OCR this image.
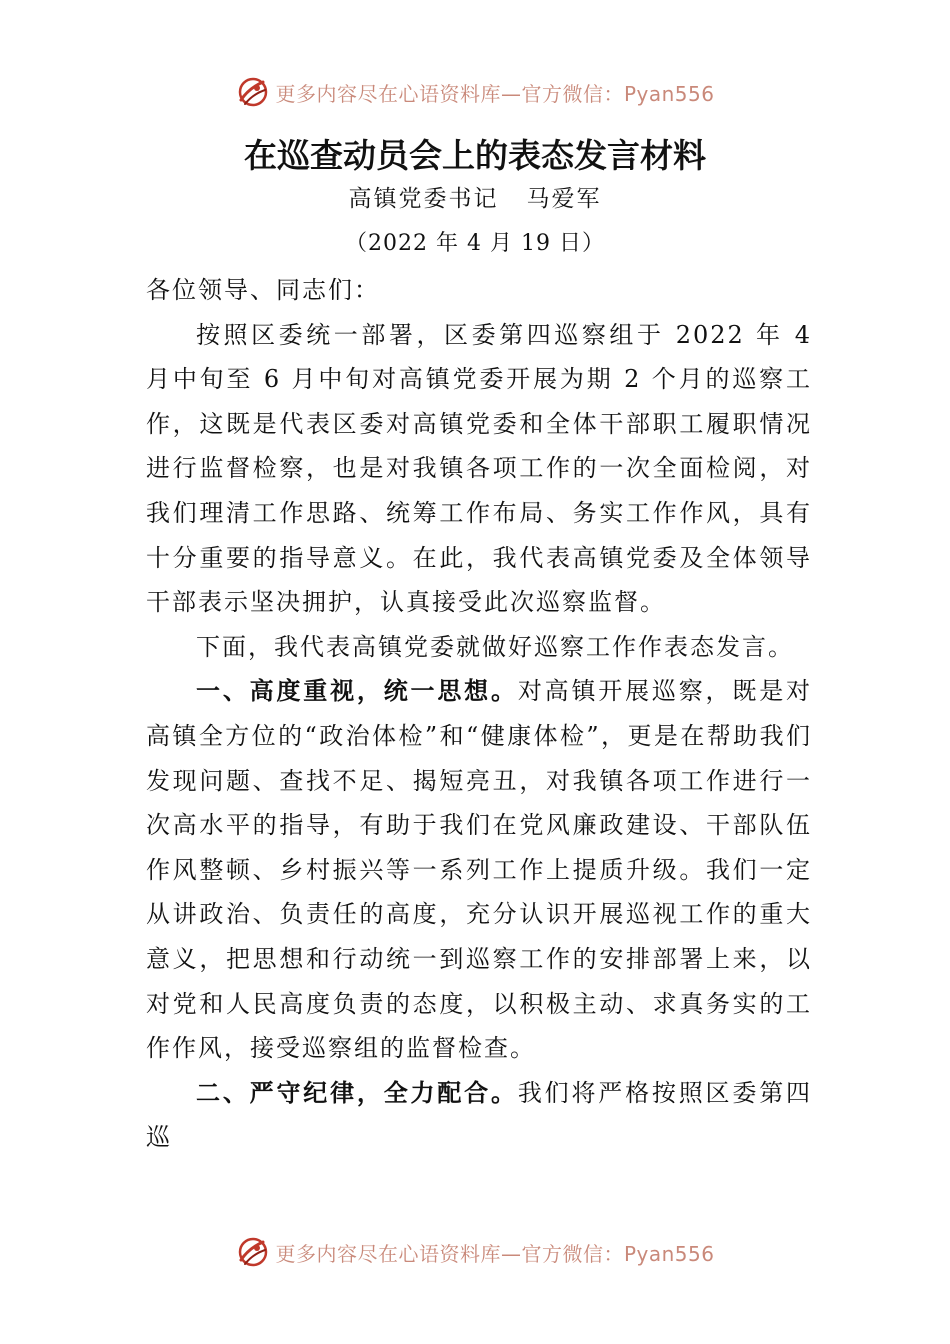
更多内容尽在心语资料库—官方微信：Pyan556
在巡查动员会上的表态发言材料
高镇党委书记   马爱军
（2022 年 4 月 19 日）

各位领导、同志们：

按照区委统一部署，区委第四巡察组于 2022 年 4 月中旬至 6 月中旬对高镇党委开展为期 2 个月的巡察工作，这既是代表区委对高镇党委和全体干部职工履职情况进行监督检察，也是对我镇各项工作的一次全面检阅，对我们理清工作思路、统筹工作布局、务实工作作风，具有十分重要的指导意义。在此，我代表高镇党委及全体领导干部表示坚决拥护，认真接受此次巡察监督。

下面，我代表高镇党委就做好巡察工作作表态发言。

一、高度重视，统一思想。对高镇开展巡察，既是对高镇全方位的“政治体检”和“健康体检”，更是在帮助我们发现问题、查找不足、揭短亮丑，对我镇各项工作进行一次高水平的指导，有助于我们在党风廉政建设、干部队伍作风整顿、乡村振兴等一系列工作上提质升级。我们一定从讲政治、负责任的高度，充分认识开展巡视工作的重大意义，把思想和行动统一到巡察工作的安排部署上来，以对党和人民高度负责的态度，以积极主动、求真务实的工作作风，接受巡察组的监督检查。

二、严守纪律，全力配合。我们将严格按照区委第四巡

更多内容尽在心语资料库—官方微信：Pyan556
